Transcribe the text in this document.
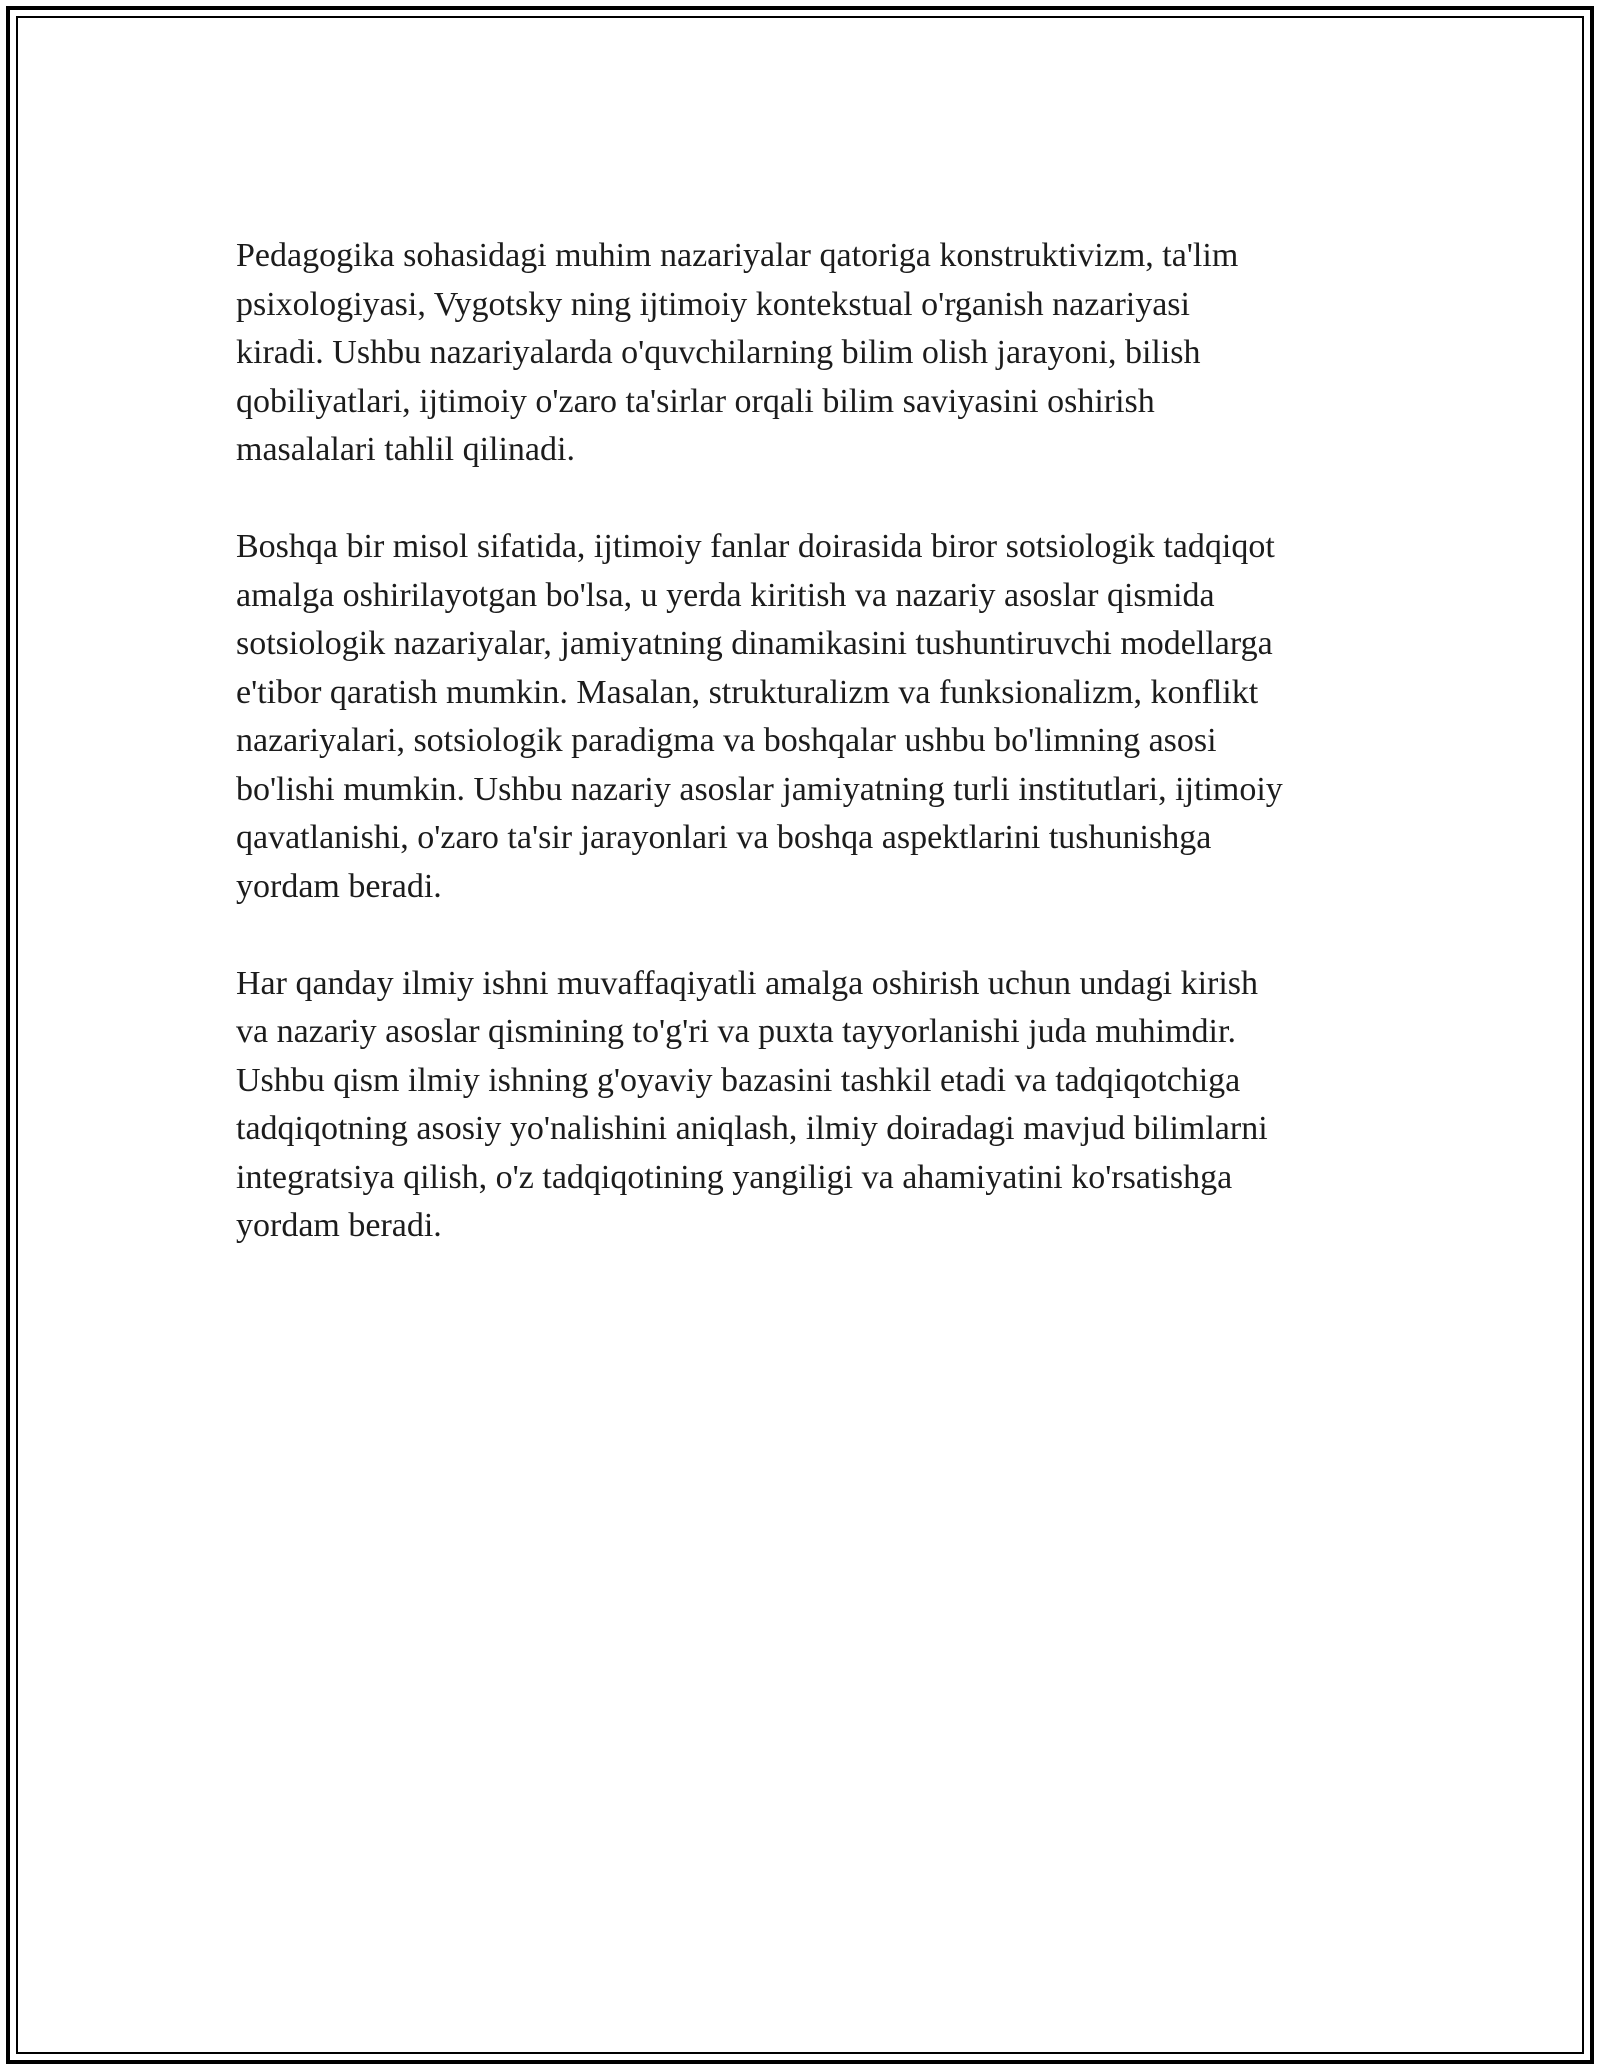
Pedagogika sohasidagi muhim nazariyalar qatoriga konstruktivizm, ta'lim
psixologiyasi, Vygotsky ning ijtimoiy kontekstual o'rganish nazariyasi
kiradi. Ushbu nazariyalarda o'quvchilarning bilim olish jarayoni, bilish
qobiliyatlari, ijtimoiy o'zaro ta'sirlar orqali bilim saviyasini oshirish
masalalari tahlil qilinadi.

Boshqa bir misol sifatida, ijtimoiy fanlar doirasida biror sotsiologik tadqiqot
amalga oshirilayotgan bo'lsa, u yerda kiritish va nazariy asoslar qismida
sotsiologik nazariyalar, jamiyatning dinamikasini tushuntiruvchi modellarga
e'tibor qaratish mumkin. Masalan, strukturalizm va funksionalizm, konflikt
nazariyalari, sotsiologik paradigma va boshqalar ushbu bo'limning asosi
bo'lishi mumkin. Ushbu nazariy asoslar jamiyatning turli institutlari, ijtimoiy
qavatlanishi, o'zaro ta'sir jarayonlari va boshqa aspektlarini tushunishga
yordam beradi.

Har qanday ilmiy ishni muvaffaqiyatli amalga oshirish uchun undagi kirish
va nazariy asoslar qismining to'g'ri va puxta tayyorlanishi juda muhimdir.
Ushbu qism ilmiy ishning g'oyaviy bazasini tashkil etadi va tadqiqotchiga
tadqiqotning asosiy yo'nalishini aniqlash, ilmiy doiradagi mavjud bilimlarni
integratsiya qilish, o'z tadqiqotining yangiligi va ahamiyatini ko'rsatishga
yordam beradi.
